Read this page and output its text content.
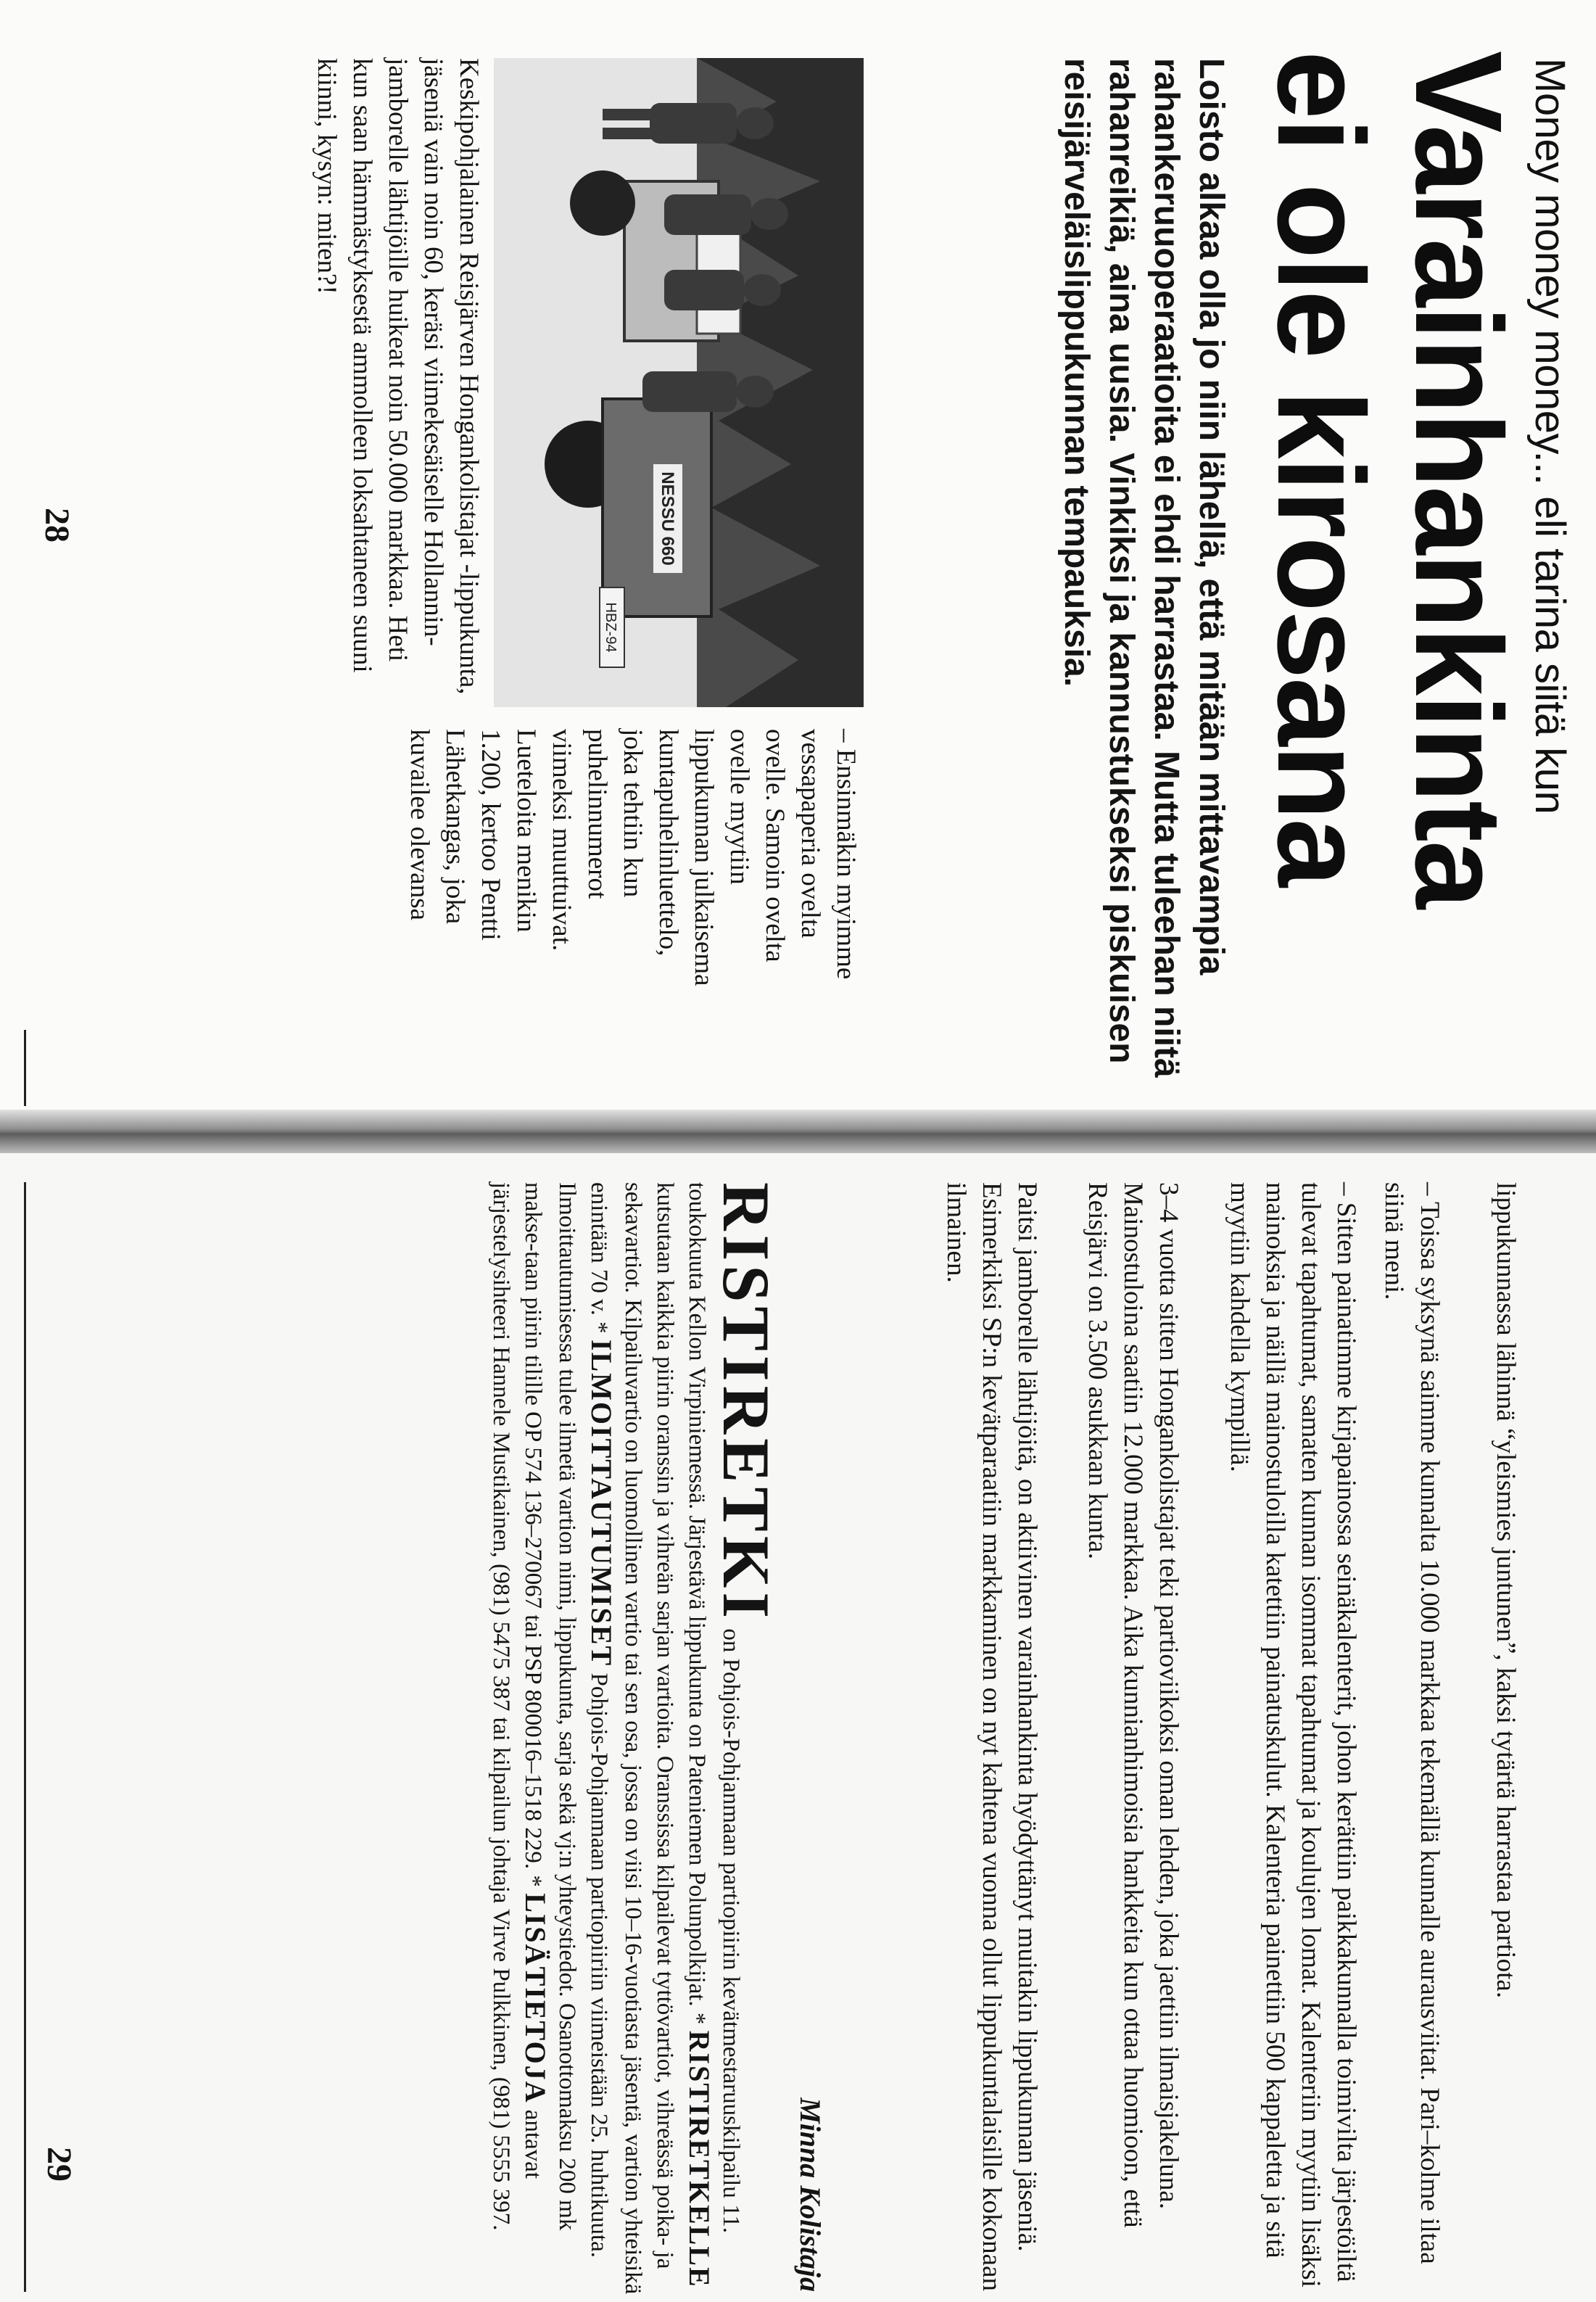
Money money money... eli tarina siitä kun
Varainhankinta
ei ole kirosana

Loisto alkaa olla jo niin lähellä, että mitään mittavampia rahankeruuoperaatioita ei ehdi harrastaa. Mutta tuleehan niitä rahanreikiä, aina uusia. Vinkiksi ja kannustukseksi piskuisen reisijärveläislippukunnan tempauksia.

NESSU 660
HBZ-94

Keskipohjalainen Reisjärven Hongankolistajat -lippukunta, jäseniä vain noin 60, keräsi viimekesäiselle Hollannin-jamborelle lähtijöille huikeat noin 50.000 markkaa. Heti kun saan hämmästyksestä ammolleen loksahtaneen suuni kiinni, kysyn: miten?!

– Ensinmäkin myimme vessapaperia ovelta ovelle. Samoin ovelta ovelle myytiin lippukunnan julkaisema kuntapuhelinluettelo, joka tehtiin kun puhelinnumerot viimeksi muuttuivat. Lueteloita menikin 1.200, kertoo Pentti Lähetkangas, joka kuvailee olevansa

28

lippukunnassa lähinnä “yleismies juntunen”, kaksi tytärtä harrastaa partiota.

– Toissa syksynä saimme kunnalta 10.000 markkaa tekemällä kunnalle aurausviitat. Pari–kolme iltaa siinä meni.

– Sitten painatimme kirjapainossa seinäkalenterit, johon kerättiin paikkakunnalla toimivilta järjestöiltä tulevat tapahtumat, samaten kunnan isommat tapahtumat ja koulujen lomat. Kalenteriin myytiin lisäksi mainoksia ja näillä mainostuloilla katettiin painatuskulut. Kalenteria painettiin 500 kappaletta ja sitä myytiin kahdella kympillä.

3–4 vuotta sitten Hongankolistajat teki partioviikoksi oman lehden, joka jaettiin ilmaisjakeluna. Mainostuloina saatiin 12.000 markkaa. Aika kunnianhimoisia hankkeita kun ottaa huomioon, että Reisjärvi on 3.500 asukkaan kunta.

Paitsi jamborelle lähtijöitä, on aktiivinen varainhankinta hyödyttänyt muitakin lippukunnan jäseniä. Esimerkiksi SP:n kevätparaatiin markkaminen on nyt kahtena vuonna ollut lippukuntalaisille kokonaan ilmainen.

Minna Kolistaja

RISTIRETKI on Pohjois-Pohjanmaan partiopiirin kevätmestaruuskilpailu 11. toukokuuta Kellon Virpiniemessä. Järjestävä lippukunta on Pateniemen Polunpolkijat. * RISTIRETKELLE kutsutaan kaikkia piirin oranssin ja vihreän sarjan vartioita. Oranssissa kilpailevat tyttövartiot, vihreässä poika- ja sekavartiot. Kilpailuvartio on luomollinen vartio tai sen osa, jossa on viisi 10–16-vuotiasta jäsentä, vartion yhteisikä enintään 70 v. * ILMOITTAUTUMISET Pohjois-Pohjanmaan partiopiiriin viimeistään 25. huhtikuuta. Ilmoittautumisessa tulee ilmetä vartion nimi, lippukunta, sarja sekä vj:n yhteystiedot. Osanottomaksu 200 mk makse-taan piirin tilille OP 574 136–270067 tai PSP 800016–1518 229. * LISÄTIETOJA antavat järjestelysihteeri Hannele Mustikainen, (981) 5475 387 tai kilpailun johtaja Virve Pulkkinen, (981) 5555 397.

29
